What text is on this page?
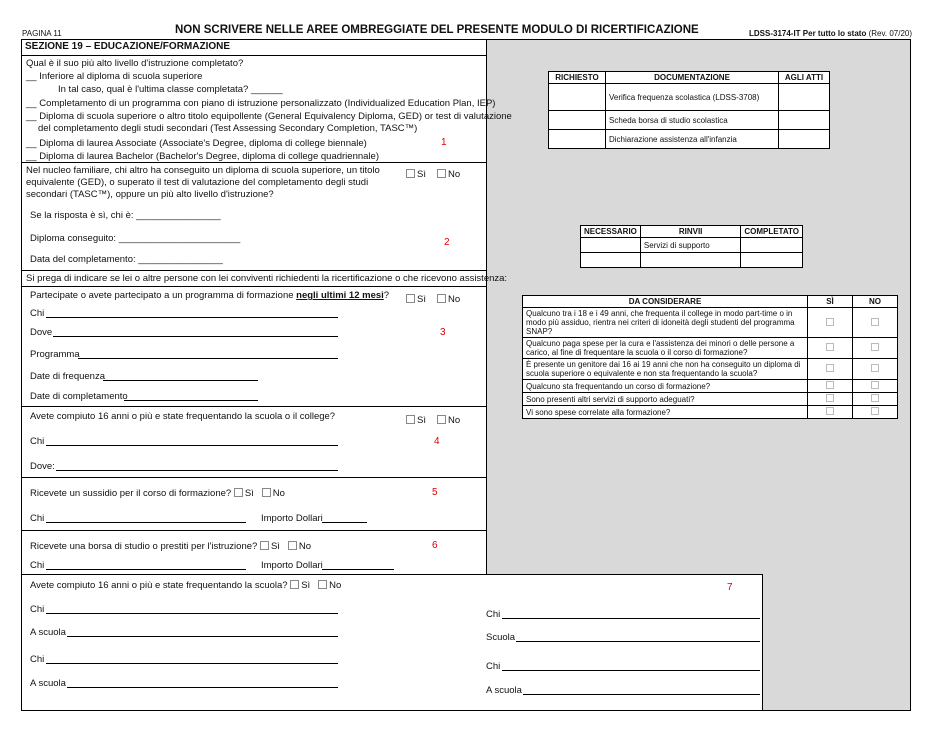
PAGINA 11	NON SCRIVERE NELLE AREE OMBREGGIATE DEL PRESENTE MODULO DI RICERTIFICAZIONE	LDSS-3174-IT Per tutto lo stato (Rev. 07/20)
SEZIONE 19 – EDUCAZIONE/FORMAZIONE
Qual è il suo più alto livello d'istruzione completato?
__ Inferiore al diploma di scuola superiore
In tal caso, qual è l'ultima classe completata? ______
__ Completamento di un programma con piano di istruzione personalizzato (Individualized Education Plan, IEP)
__ Diploma di scuola superiore o altro titolo equipollente (General Equivalency Diploma, GED) or test di valutazione
del completamento degli studi secondari (Test Assessing Secondary Completion, TASC™)
__ Diploma di laurea Associate (Associate's Degree, diploma di college biennale)	1
__ Diploma di laurea Bachelor (Bachelor's Degree, diploma di college quadriennale)
Nel nucleo familiare, chi altro ha conseguito un diploma di scuola superiore, un titolo
equivalente (GED), o superato il test di valutazione del completamento degli studi
secondari (TASC™), oppure un più alto livello d'istruzione?
Sì	No
Se la risposta è sì, chi è: ________________
Diploma conseguito: _______________________	2
Data del completamento: ________________
Si prega di indicare se lei o altre persone con lei conviventi richiedenti la ricertificazione o che ricevono assistenza:
Partecipate o avete partecipato a un programma di formazione negli ultimi 12 mesi?	Sì	No
Chi
Dove	3
Programma
Date di frequenza
Date di completamento
Avete compiuto 16 anni o più e state frequentando la scuola o il college?	Sì	No
Chi	4
Dove:
Ricevete un sussidio per il corso di formazione? Sì No	5
Chi	Importo Dollari
Ricevete una borsa di studio o prestiti per l'istruzione? Sì No	6
Chi	Importo Dollari
Avete compiuto 16 anni o più e state frequentando la scuola? Sì No	7
Chi
A scuola
Chi
A scuola
Chi
Scuola
Chi
A scuola
RICHIESTO	DOCUMENTAZIONE	AGLI ATTI
	Verifica frequenza scolastica (LDSS-3708)	
	Scheda borsa di studio scolastica	
	Dichiarazione assistenza all'infanzia	
NECESSARIO	RINVII	COMPLETATO
	Servizi di supporto	

DA CONSIDERARE	SÌ	NO
Qualcuno tra i 18 e i 49 anni, che frequenta il college in modo part-time o in modo più assiduo, rientra nei criteri di idoneità degli studenti del programma SNAP?		
Qualcuno paga spese per la cura e l'assistenza dei minori o delle persone a carico, al fine di frequentare la scuola o il corso di formazione?		
È presente un genitore dai 16 ai 19 anni che non ha conseguito un diploma di scuola superiore o equivalente e non sta frequentando la scuola?		
Qualcuno sta frequentando un corso di formazione?		
Sono presenti altri servizi di supporto adeguati?		
Vi sono spese correlate alla formazione?		
